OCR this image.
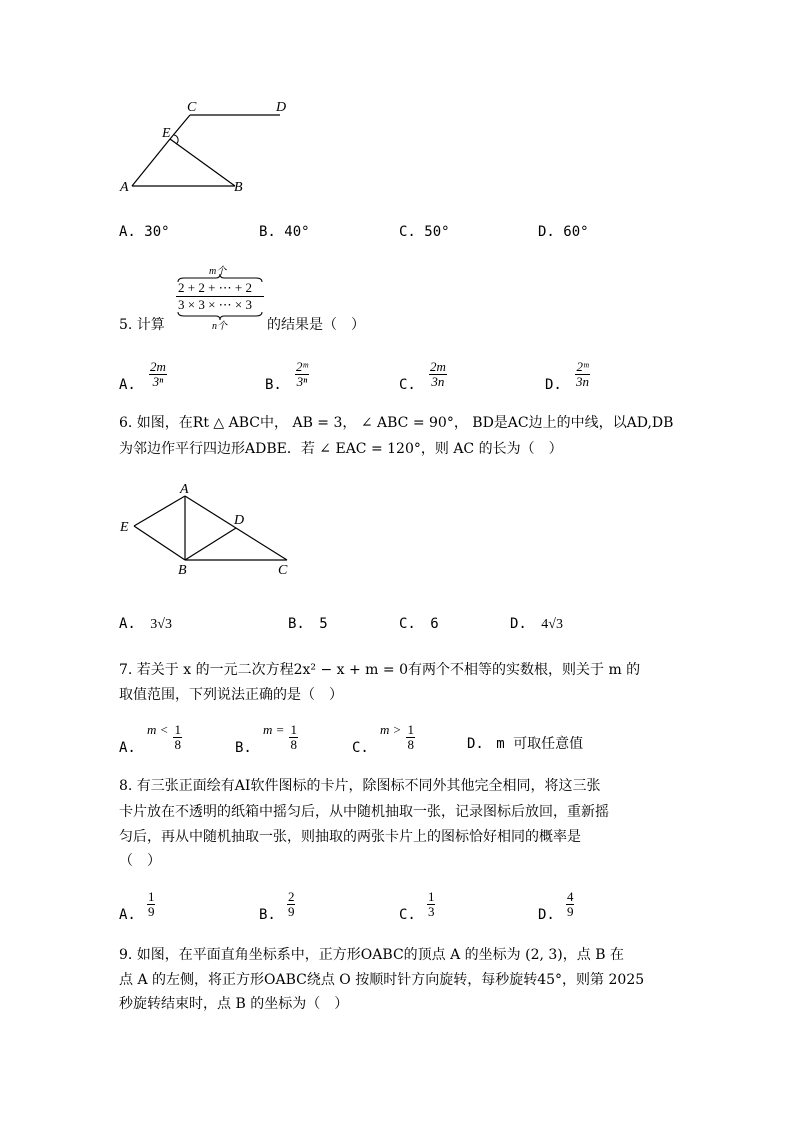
C	D
E
A	B
A. 30°	B. 40°	C. 50°	D. 60°
5. 计算
m个
2 + 2 + ⋯ + 2
3 × 3 × ⋯ × 3
n个	的结果是（　）
A. $\frac{2m}{\text{3ⁿ}}$	B. $\frac{\text{2ᵐ}}{\text{3ⁿ}}$	C. $\frac{2m}{3n}$	D. $\frac{\text{2ᵐ}}{3n}$
6. 如图，在Rt △ ABC中， AB = 3， ∠ ABC = 90°， BD是AC边上的中线，以AD,DB
为邻边作平行四边形ADBE．若 ∠ EAC = 120°，则 AC 的长为（　）
A
D
E
B	C
A. 3√3	B. 5	C. 6	D. 4√3
7. 若关于 x 的一元二次方程2x² − x + m = 0有两个不相等的实数根，则关于 m 的
取值范围，下列说法正确的是（　）
A. $^{m <} \frac{1}{8}$	B. $^{m =} \frac{1}{8}$	C. $^{m >} \frac{1}{8}$	D. m 可取任意值
8. 有三张正面绘有AI软件图标的卡片，除图标不同外其他完全相同，将这三张
卡片放在不透明的纸箱中摇匀后，从中随机抽取一张，记录图标后放回，重新摇
匀后，再从中随机抽取一张，则抽取的两张卡片上的图标恰好相同的概率是
（　）
A. $\frac{1}{9}$	B. $\frac{2}{9}$	C. $\frac{1}{3}$	D. $\frac{4}{9}$
9. 如图，在平面直角坐标系中，正方形OABC的顶点 A 的坐标为 (2, 3)，点 B 在
点 A 的左侧，将正方形OABC绕点 O 按顺时针方向旋转，每秒旋转45°，则第 2025
秒旋转结束时，点 B 的坐标为（　）
